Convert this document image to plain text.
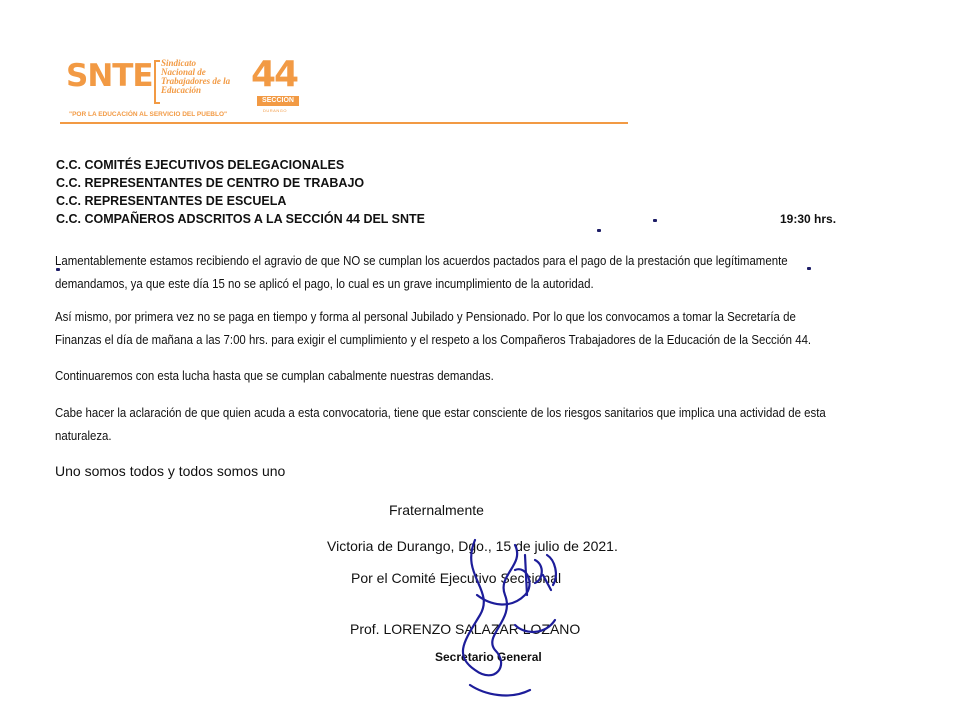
SNTE Sindicato
Nacional de
Trabajadores de la
Educación	44
SECCIÓN
DURANGO
"POR LA EDUCACIÓN AL SERVICIO DEL PUEBLO"
C.C. COMITÉS EJECUTIVOS DELEGACIONALES
C.C. REPRESENTANTES DE CENTRO DE TRABAJO
C.C. REPRESENTANTES DE ESCUELA
C.C. COMPAÑEROS ADSCRITOS A LA SECCIÓN 44 DEL SNTE	19:30 hrs.

Lamentablemente estamos recibiendo el agravio de que NO se cumplan los acuerdos pactados para el pago de la prestación que legítimamente demandamos, ya que este día 15 no se aplicó el pago, lo cual es un grave incumplimiento de la autoridad.

Así mismo, por primera vez no se paga en tiempo y forma al personal Jubilado y Pensionado. Por lo que los convocamos a tomar la Secretaría de Finanzas el día de mañana a las 7:00 hrs. para exigir el cumplimiento y el respeto a los Compañeros Trabajadores de la Educación de la Sección 44.

Continuaremos con esta lucha hasta que se cumplan cabalmente nuestras demandas.

Cabe hacer la aclaración de que quien acuda a esta convocatoria, tiene que estar consciente de los riesgos sanitarios que implica una actividad de esta naturaleza.

Uno somos todos y todos somos uno
Fraternalmente
Victoria de Durango, Dgo., 15 de julio de 2021.
Por el Comité Ejecutivo Seccional
Prof. LORENZO SALAZAR LOZANO
Secretario General
